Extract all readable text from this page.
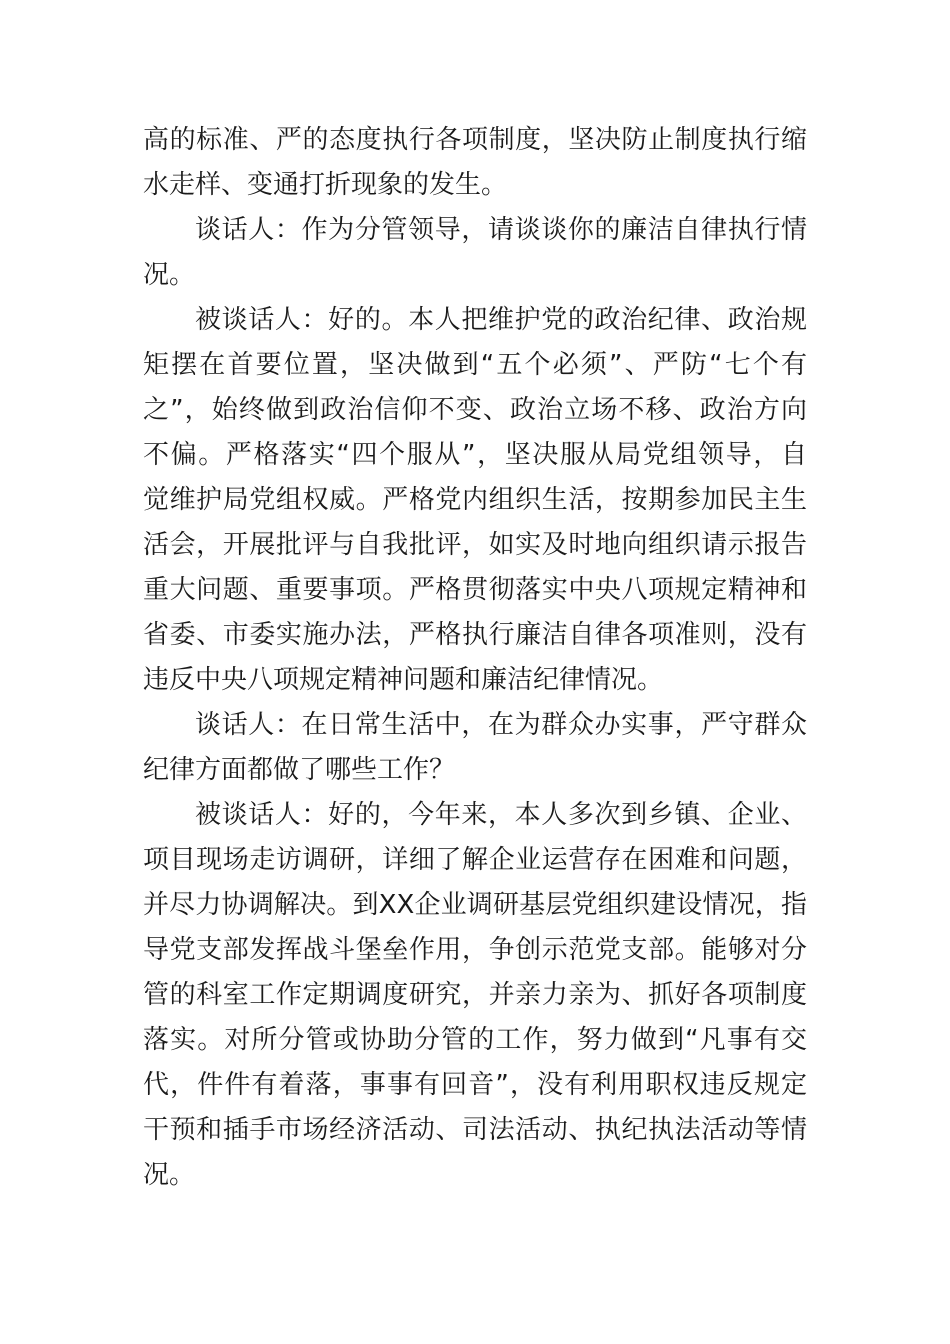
高的标准、严的态度执行各项制度，坚决防止制度执行缩
水走样、变通打折现象的发生。
谈话人：作为分管领导，请谈谈你的廉洁自律执行情
况。
被谈话人：好的。本人把维护党的政治纪律、政治规
矩摆在首要位置，坚决做到“五个必须”、严防“七个有
之”，始终做到政治信仰不变、政治立场不移、政治方向
不偏。严格落实“四个服从”，坚决服从局党组领导，自
觉维护局党组权威。严格党内组织生活，按期参加民主生
活会，开展批评与自我批评，如实及时地向组织请示报告
重大问题、重要事项。严格贯彻落实中央八项规定精神和
省委、市委实施办法，严格执行廉洁自律各项准则，没有
违反中央八项规定精神问题和廉洁纪律情况。
谈话人：在日常生活中，在为群众办实事，严守群众
纪律方面都做了哪些工作？
被谈话人：好的，今年来，本人多次到乡镇、企业、
项目现场走访调研，详细了解企业运营存在困难和问题，
并尽力协调解决。到XX企业调研基层党组织建设情况，指
导党支部发挥战斗堡垒作用，争创示范党支部。能够对分
管的科室工作定期调度研究，并亲力亲为、抓好各项制度
落实。对所分管或协助分管的工作，努力做到“凡事有交
代，件件有着落，事事有回音”，没有利用职权违反规定
干预和插手市场经济活动、司法活动、执纪执法活动等情
况。
